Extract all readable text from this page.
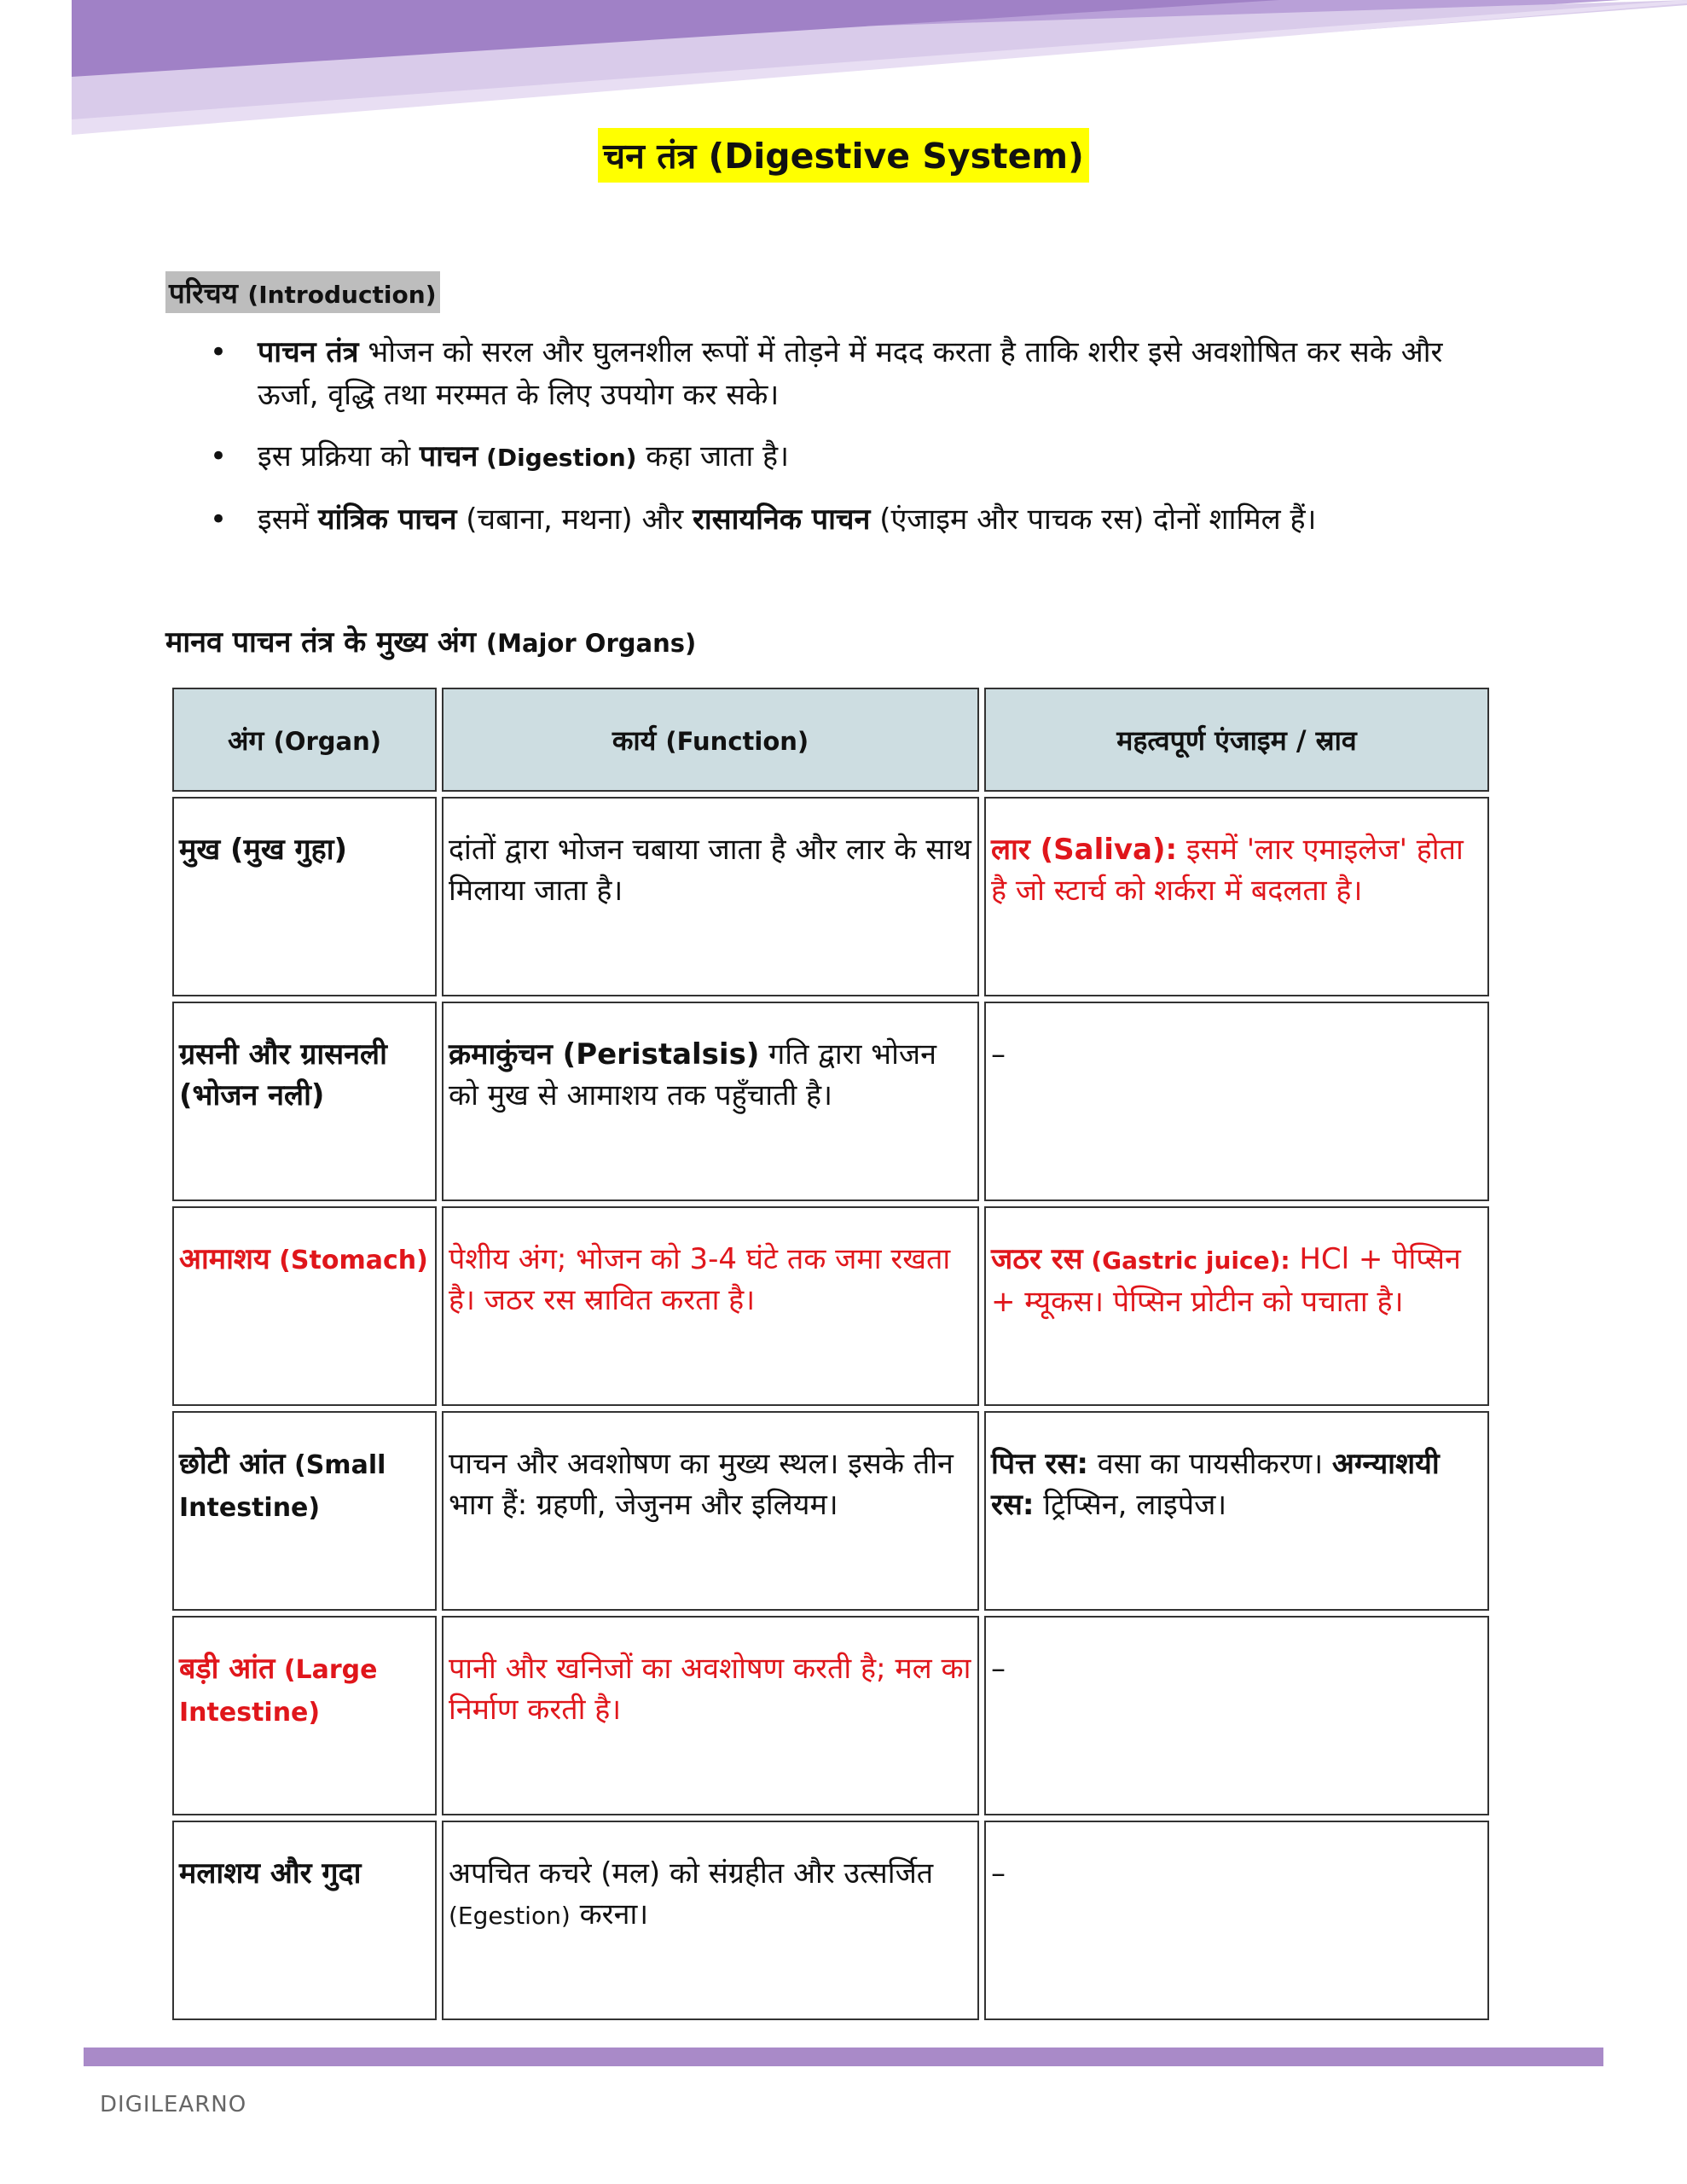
चन तंत्र (Digestive System)
परिचय (Introduction)
• पाचन तंत्र भोजन को सरल और घुलनशील रूपों में तोड़ने में मदद करता है ताकि शरीर इसे अवशोषित कर सके और ऊर्जा, वृद्धि तथा मरम्मत के लिए उपयोग कर सके।
• इस प्रक्रिया को पाचन (Digestion) कहा जाता है।
• इसमें यांत्रिक पाचन (चबाना, मथना) और रासायनिक पाचन (एंजाइम और पाचक रस) दोनों शामिल हैं।
मानव पाचन तंत्र के मुख्य अंग (Major Organs)
अंग (Organ)	कार्य (Function)	महत्वपूर्ण एंजाइम / स्राव
मुख (मुख गुहा)	दांतों द्वारा भोजन चबाया जाता है और लार के साथ मिलाया जाता है।	लार (Saliva): इसमें 'लार एमाइलेज' होता है जो स्टार्च को शर्करा में बदलता है।
ग्रसनी और ग्रासनली (भोजन नली)	क्रमाकुंचन (Peristalsis) गति द्वारा भोजन को मुख से आमाशय तक पहुँचाती है।	–
आमाशय (Stomach)	पेशीय अंग; भोजन को 3-4 घंटे तक जमा रखता है। जठर रस स्रावित करता है।	जठर रस (Gastric juice): HCl + पेप्सिन + म्यूकस। पेप्सिन प्रोटीन को पचाता है।
छोटी आंत (Small Intestine)	पाचन और अवशोषण का मुख्य स्थल। इसके तीन भाग हैं: ग्रहणी, जेजुनम और इलियम।	पित्त रस: वसा का पायसीकरण। अग्न्याशयी रस: ट्रिप्सिन, लाइपेज।
बड़ी आंत (Large Intestine)	पानी और खनिजों का अवशोषण करती है; मल का निर्माण करती है।	–
मलाशय और गुदा	अपचित कचरे (मल) को संग्रहीत और उत्सर्जित (Egestion) करना।	–
DIGILEARNO
